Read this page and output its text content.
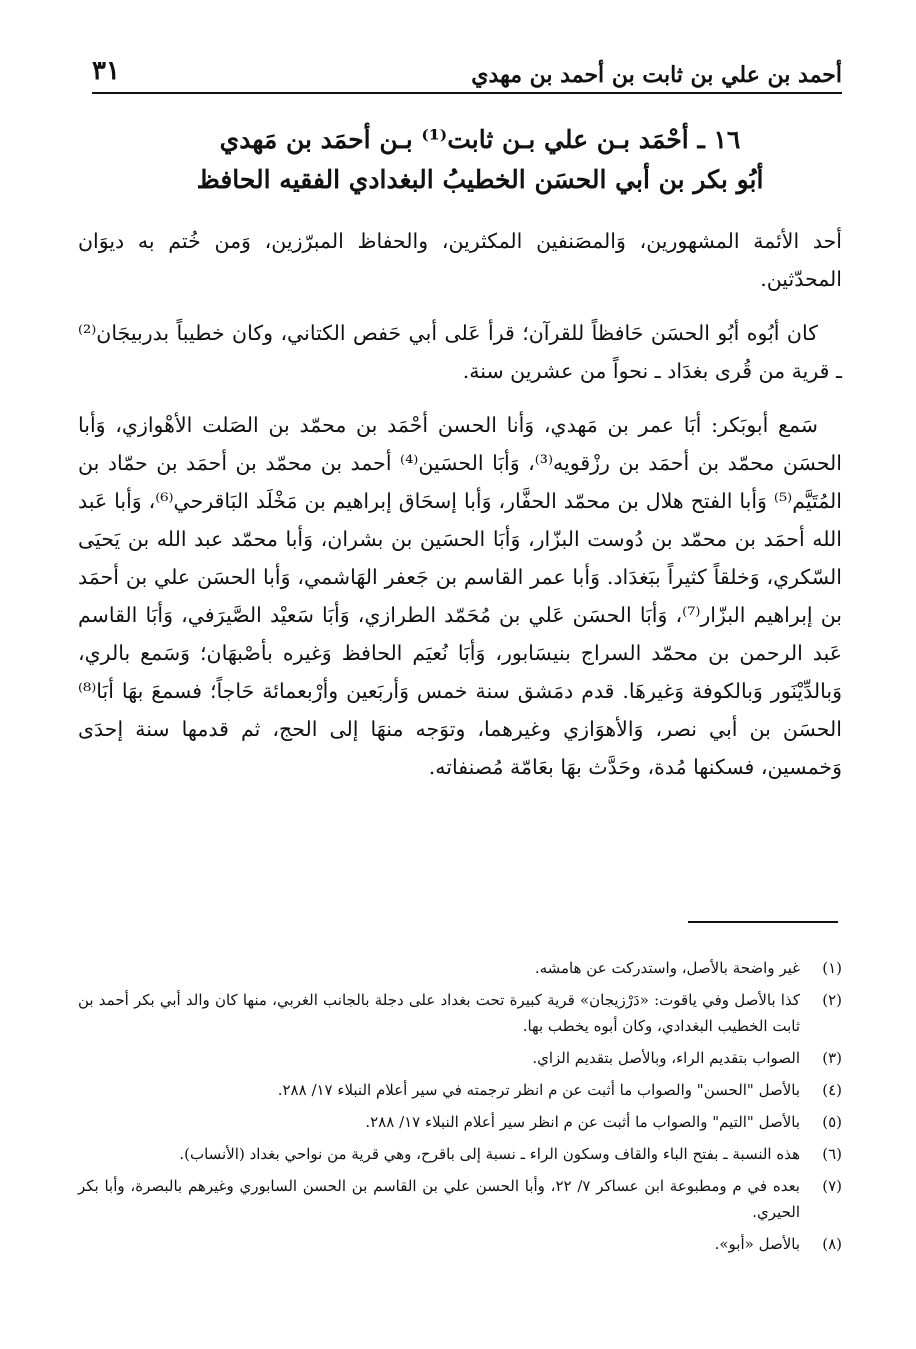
أحمد بن علي بن ثابت بن أحمد بن مهدي
٣١
١٦ ـ أحْمَد بـن علي بـن ثابت⁽¹⁾ بـن أحمَد بن مَهدي
أبُو بكر بن أبي الحسَن الخطيبُ البغدادي الفقيه الحافظ

أحد الأئمة المشهورين، وَالمصَنفين المكثرين، والحفاظ المبرّزين، وَمن خُتم به ديوَان المحدّثين.

كان أبُوه أبُو الحسَن حَافظاً للقرآن؛ قرأ عَلى أبي حَفص الكتاني، وكان خطيباً بدربيجَان⁽²⁾ ـ قرية من قُرى بغدَاد ـ نحواً من عشرين سنة.

سَمع أبوبَكر: أبَا عمر بن مَهدي، وَأنا الحسن أحْمَد بن محمّد بن الصَلت الأهْوازي، وَأبا الحسَن محمّد بن أحمَد بن رزْقويه⁽³⁾، وَأبَا الحسَين⁽⁴⁾ أحمد بن محمّد بن أحمَد بن حمّاد بن المُتَيَّم⁽⁵⁾ وَأبا الفتح هلال بن محمّد الحفَّار، وَأبا إسحَاق إبراهيم بن مَخْلَد البَاقرحي⁽⁶⁾، وَأبا عَبد الله أحمَد بن محمّد بن دُوست البزّار، وَأبَا الحسَين بن بشران، وَأبا محمّد عبد الله بن يَحيَى السّكري، وَخلقاً كثيراً ببَغدَاد. وَأبا عمر القاسم بن جَعفر الهَاشمي، وَأبا الحسَن علي بن أحمَد بن إبراهيم البزّار⁽⁷⁾، وَأبَا الحسَن عَلي بن مُحَمّد الطرازي، وَأبَا سَعيْد الصَّيرَفي، وَأبَا القاسم عَبد الرحمن بن محمّد السراج بنيسَابور، وَأبَا نُعيَم الحافظ وَغيره بأصْبهَان؛ وَسَمع بالري، وَبالدِّيْنَور وَبالكوفة وَغيرهَا. قدم دمَشق سنة خمس وَأربَعين وأرْبعمائة حَاجاً؛ فسمعَ بهَا أبَا⁽⁸⁾ الحسَن بن أبي نصر، وَالأهوَازي وغيرهما، وتوَجه منهَا إلى الحج، ثم قدمها سنة إحدَى وَخمسين، فسكنها مُدة، وحَدَّث بهَا بعَامّة مُصنفاته.

(١)
غير واضحة بالأصل، واستدركت عن هامشه.
(٢)
كذا بالأصل وفي ياقوت: «دَرْزيجان» قرية كبيرة تحت بغداد على دجلة بالجانب الغربي، منها كان والد أبي بكر أحمد بن ثابت الخطيب البغدادي، وكان أبوه يخطب بها.
(٣)
الصواب بتقديم الراء، وبالأصل بتقديم الزاي.
(٤)
بالأصل "الحسن" والصواب ما أثبت عن م انظر ترجمته في سير أعلام النبلاء ١٧/ ٢٨٨.
(٥)
بالأصل "التيم" والصواب ما أثبت عن م انظر سير أعلام النبلاء ١٧/ ٢٨٨.
(٦)
هذه النسبة ـ بفتح الباء والقاف وسكون الراء ـ نسبة إلى باقرح، وهي قرية من نواحي بغداد (الأنساب).
(٧)
بعده في م ومطبوعة ابن عساكر ٧/ ٢٢، وأبا الحسن علي بن القاسم بن الحسن السابوري وغيرهم بالبصرة، وأبا بكر الحيري.
(٨)
بالأصل «أبو».
